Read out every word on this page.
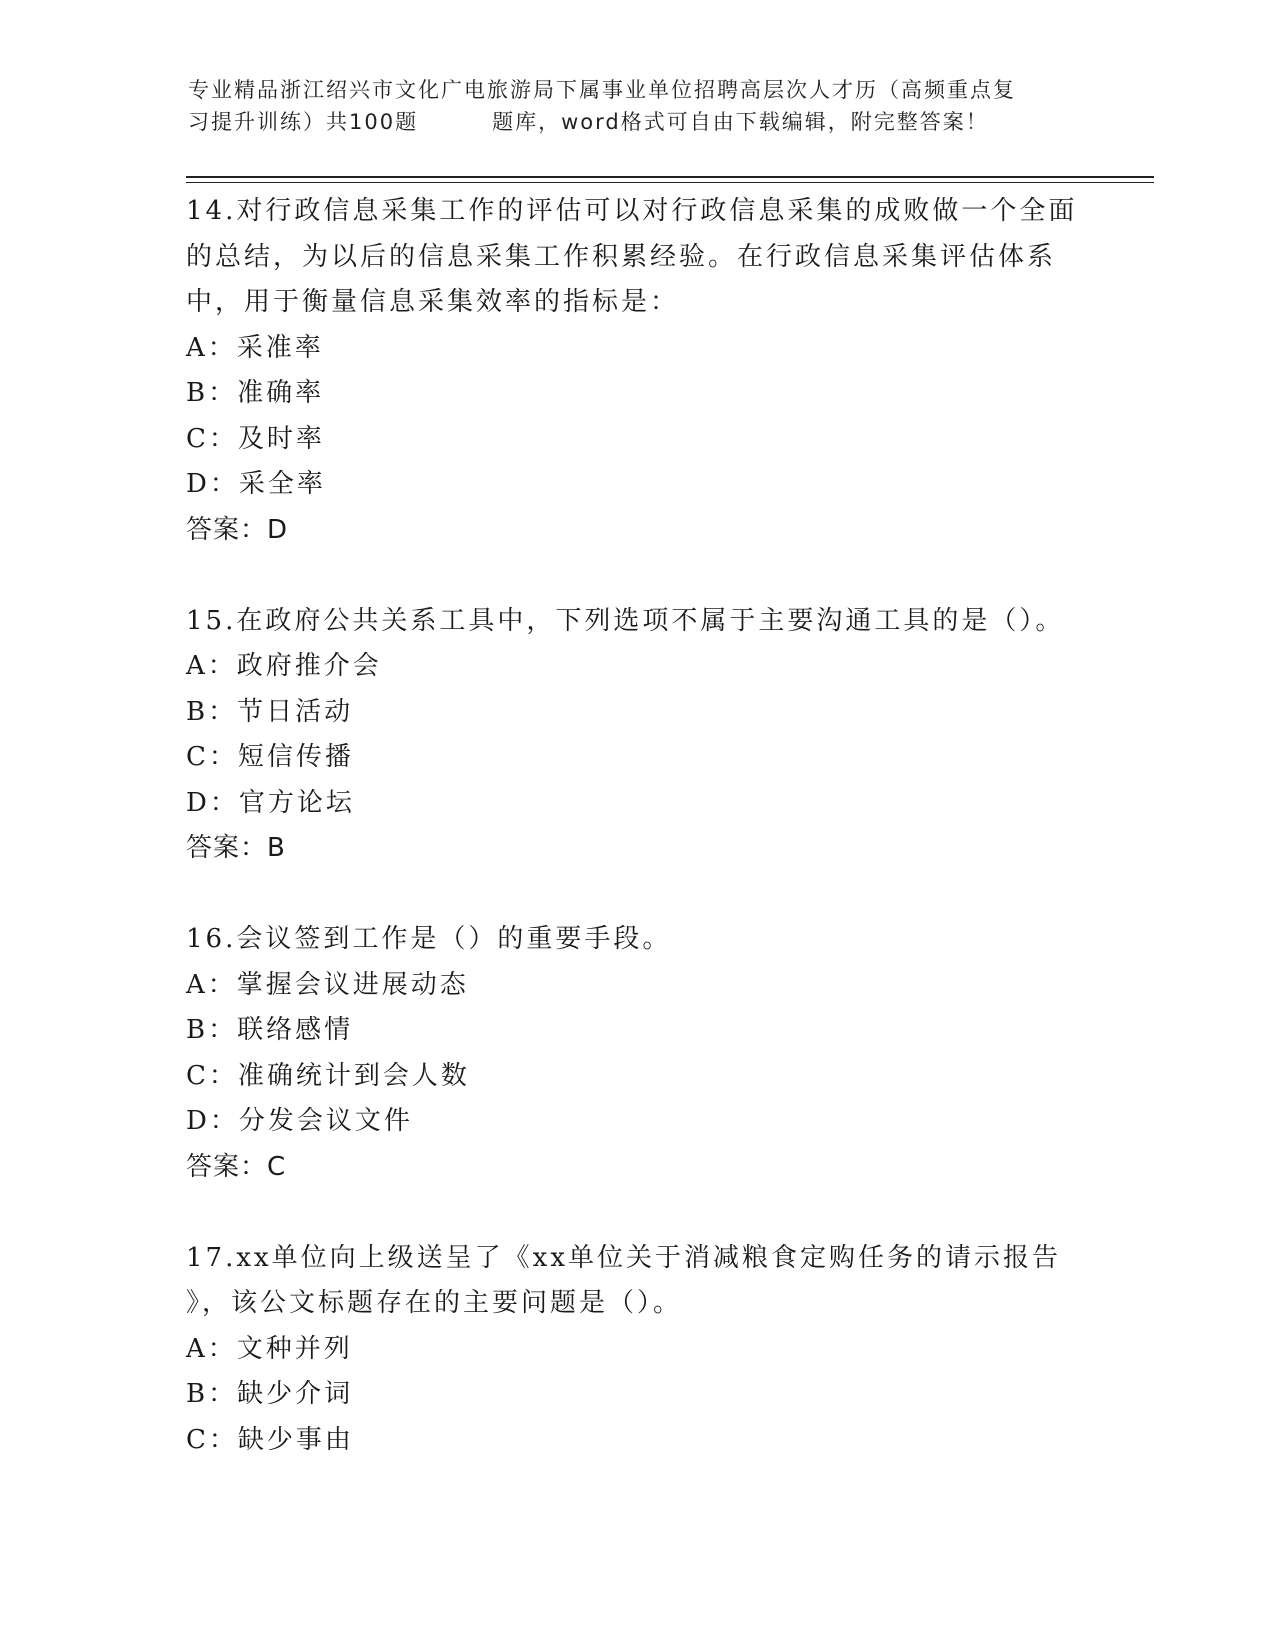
专业精品浙江绍兴市文化广电旅游局下属事业单位招聘高层次人才历（高频重点复
习提升训练）共100题	题库，word格式可自由下载编辑，附完整答案！

14.对行政信息采集工作的评估可以对行政信息采集的成败做一个全面

的总结，为以后的信息采集工作积累经验。在行政信息采集评估体系

中，用于衡量信息采集效率的指标是：

A：采准率

B：准确率

C：及时率

D：采全率

答案：D

15.在政府公共关系工具中，下列选项不属于主要沟通工具的是（）。

A：政府推介会

B：节日活动

C：短信传播

D：官方论坛

答案：B

16.会议签到工作是（）的重要手段。

A：掌握会议进展动态

B：联络感情

C：准确统计到会人数

D：分发会议文件

答案：C

17.xx单位向上级送呈了《xx单位关于消减粮食定购任务的请示报告

》，该公文标题存在的主要问题是（）。

A：文种并列

B：缺少介词

C：缺少事由
